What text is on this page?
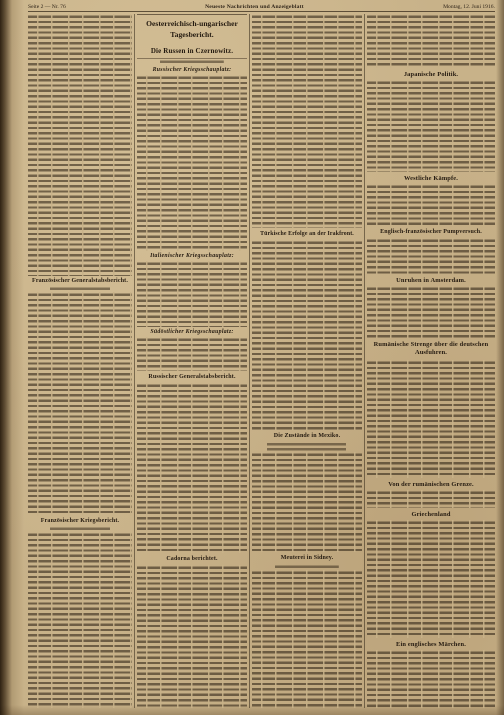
Seite 2 — Nr. 76	Neueste Nachrichten und Anzeigeblatt	Montag, 12. Juni 1916.
Französischer Generalstabsbericht.
Französischer Kriegsbericht.
Oesterreichisch-ungarischer Tagesbericht.
Die Russen in Czernowitz.
Russischer Kriegsschauplatz:
Italienischer Kriegsschauplatz:
Südöstlicher Kriegsschauplatz:
Russischer Generalstabsbericht.
Cadorna berichtet.
Türkische Erfolge an der Irakfront.
Die Zustände in Mexiko.
Meuterei in Sidney.
Japanische Politik.
Westliche Kämpfe.
Englisch-französischer Pumpversuch.
Unruhen in Amsterdam.
Rumänische Strenge über die deutschen Ausfuhren.
Von der rumänischen Grenze.
Griechenland
Ein englisches Märchen.
